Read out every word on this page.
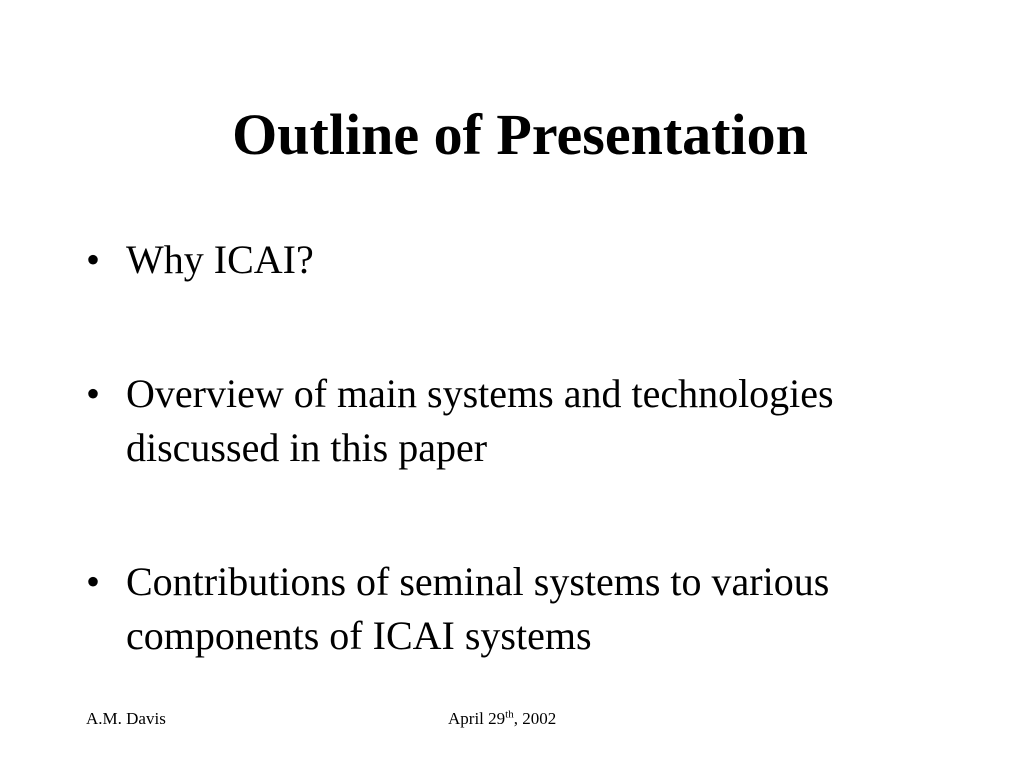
Outline of Presentation
• Why ICAI?
• Overview of main systems and technologies discussed in this paper
• Contributions of seminal systems to various components of ICAI systems
A.M. Davis	April 29th, 2002
